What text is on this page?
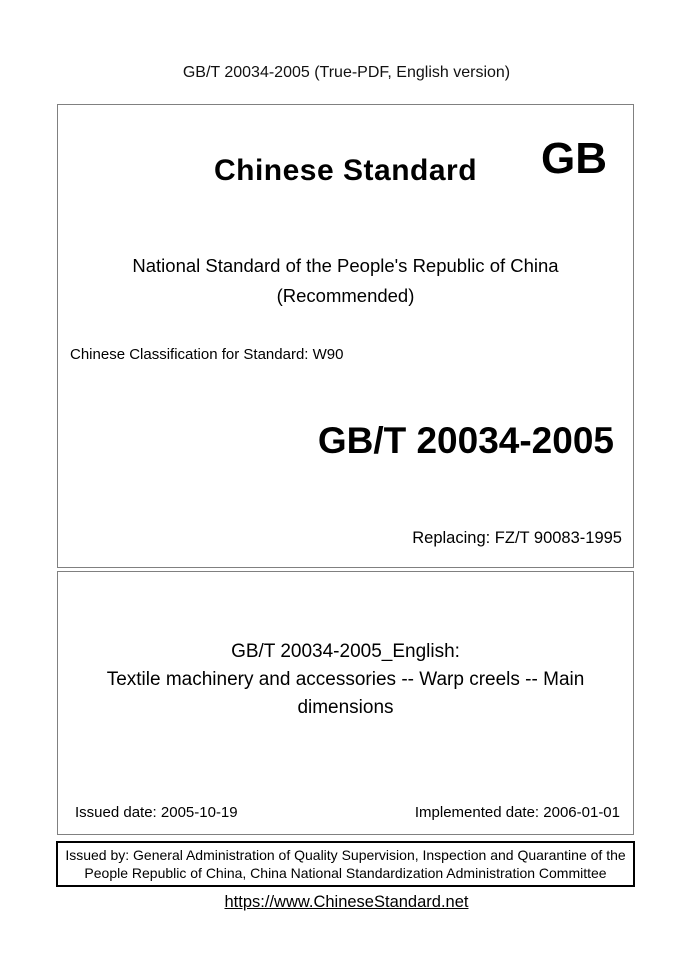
GB/T 20034-2005 (True-PDF, English version)
Chinese Standard	GB
National Standard of the People's Republic of China
(Recommended)
Chinese Classification for Standard: W90
GB/T 20034-2005
Replacing: FZ/T 90083-1995
GB/T 20034-2005_English:
Textile machinery and accessories -- Warp creels -- Main dimensions
Issued date: 2005-10-19	Implemented date: 2006-01-01
Issued by: General Administration of Quality Supervision, Inspection and Quarantine of the People Republic of China, China National Standardization Administration Committee
https://www.ChineseStandard.net
